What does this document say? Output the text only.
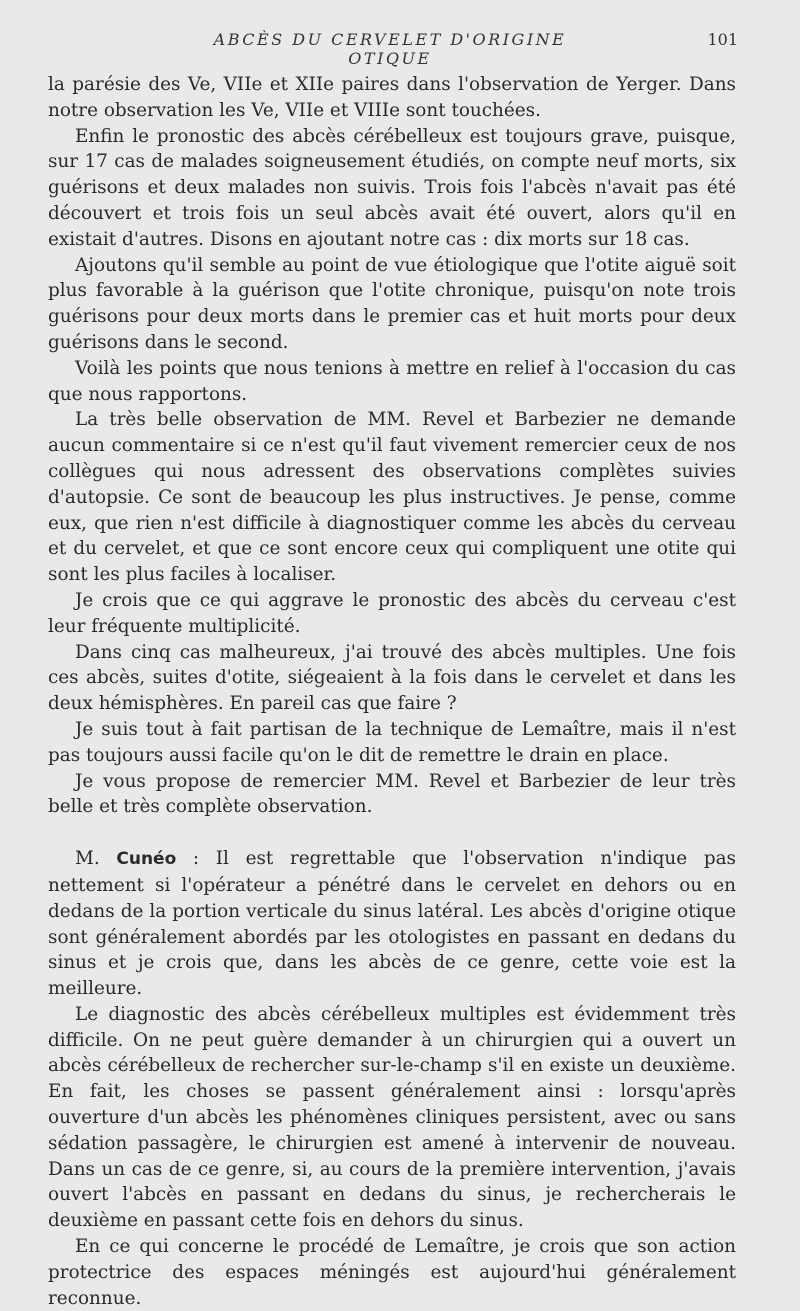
ABCÈS DU CERVELET D'ORIGINE OTIQUE
101

la parésie des Ve, VIIe et XIIe paires dans l'observation de Yerger. Dans notre observation les Ve, VIIe et VIIIe sont touchées.

Enfin le pronostic des abcès cérébelleux est toujours grave, puisque, sur 17 cas de malades soigneusement étudiés, on compte neuf morts, six guérisons et deux malades non suivis. Trois fois l'abcès n'avait pas été découvert et trois fois un seul abcès avait été ouvert, alors qu'il en existait d'autres. Disons en ajoutant notre cas : dix morts sur 18 cas.

Ajoutons qu'il semble au point de vue étiologique que l'otite aiguë soit plus favorable à la guérison que l'otite chronique, puisqu'on note trois guérisons pour deux morts dans le premier cas et huit morts pour deux guérisons dans le second.

Voilà les points que nous tenions à mettre en relief à l'occasion du cas que nous rapportons.

La très belle observation de MM. Revel et Barbezier ne demande aucun commentaire si ce n'est qu'il faut vivement remercier ceux de nos collègues qui nous adressent des observations complètes suivies d'autopsie. Ce sont de beaucoup les plus instructives. Je pense, comme eux, que rien n'est difficile à diagnostiquer comme les abcès du cerveau et du cervelet, et que ce sont encore ceux qui compliquent une otite qui sont les plus faciles à localiser.

Je crois que ce qui aggrave le pronostic des abcès du cerveau c'est leur fréquente multiplicité.

Dans cinq cas malheureux, j'ai trouvé des abcès multiples. Une fois ces abcès, suites d'otite, siégeaient à la fois dans le cervelet et dans les deux hémisphères. En pareil cas que faire ?

Je suis tout à fait partisan de la technique de Lemaître, mais il n'est pas toujours aussi facile qu'on le dit de remettre le drain en place.

Je vous propose de remercier MM. Revel et Barbezier de leur très belle et très complète observation.

M. Cunéo : Il est regrettable que l'observation n'indique pas nettement si l'opérateur a pénétré dans le cervelet en dehors ou en dedans de la portion verticale du sinus latéral. Les abcès d'origine otique sont généralement abordés par les otologistes en passant en dedans du sinus et je crois que, dans les abcès de ce genre, cette voie est la meilleure.

Le diagnostic des abcès cérébelleux multiples est évidemment très difficile. On ne peut guère demander à un chirurgien qui a ouvert un abcès cérébelleux de rechercher sur-le-champ s'il en existe un deuxième. En fait, les choses se passent généralement ainsi : lorsqu'après ouverture d'un abcès les phénomènes cliniques persistent, avec ou sans sédation passagère, le chirurgien est amené à intervenir de nouveau. Dans un cas de ce genre, si, au cours de la première intervention, j'avais ouvert l'abcès en passant en dedans du sinus, je rechercherais le deuxième en passant cette fois en dehors du sinus.

En ce qui concerne le procédé de Lemaître, je crois que son action protectrice des espaces méningés est aujourd'hui généralement reconnue.
